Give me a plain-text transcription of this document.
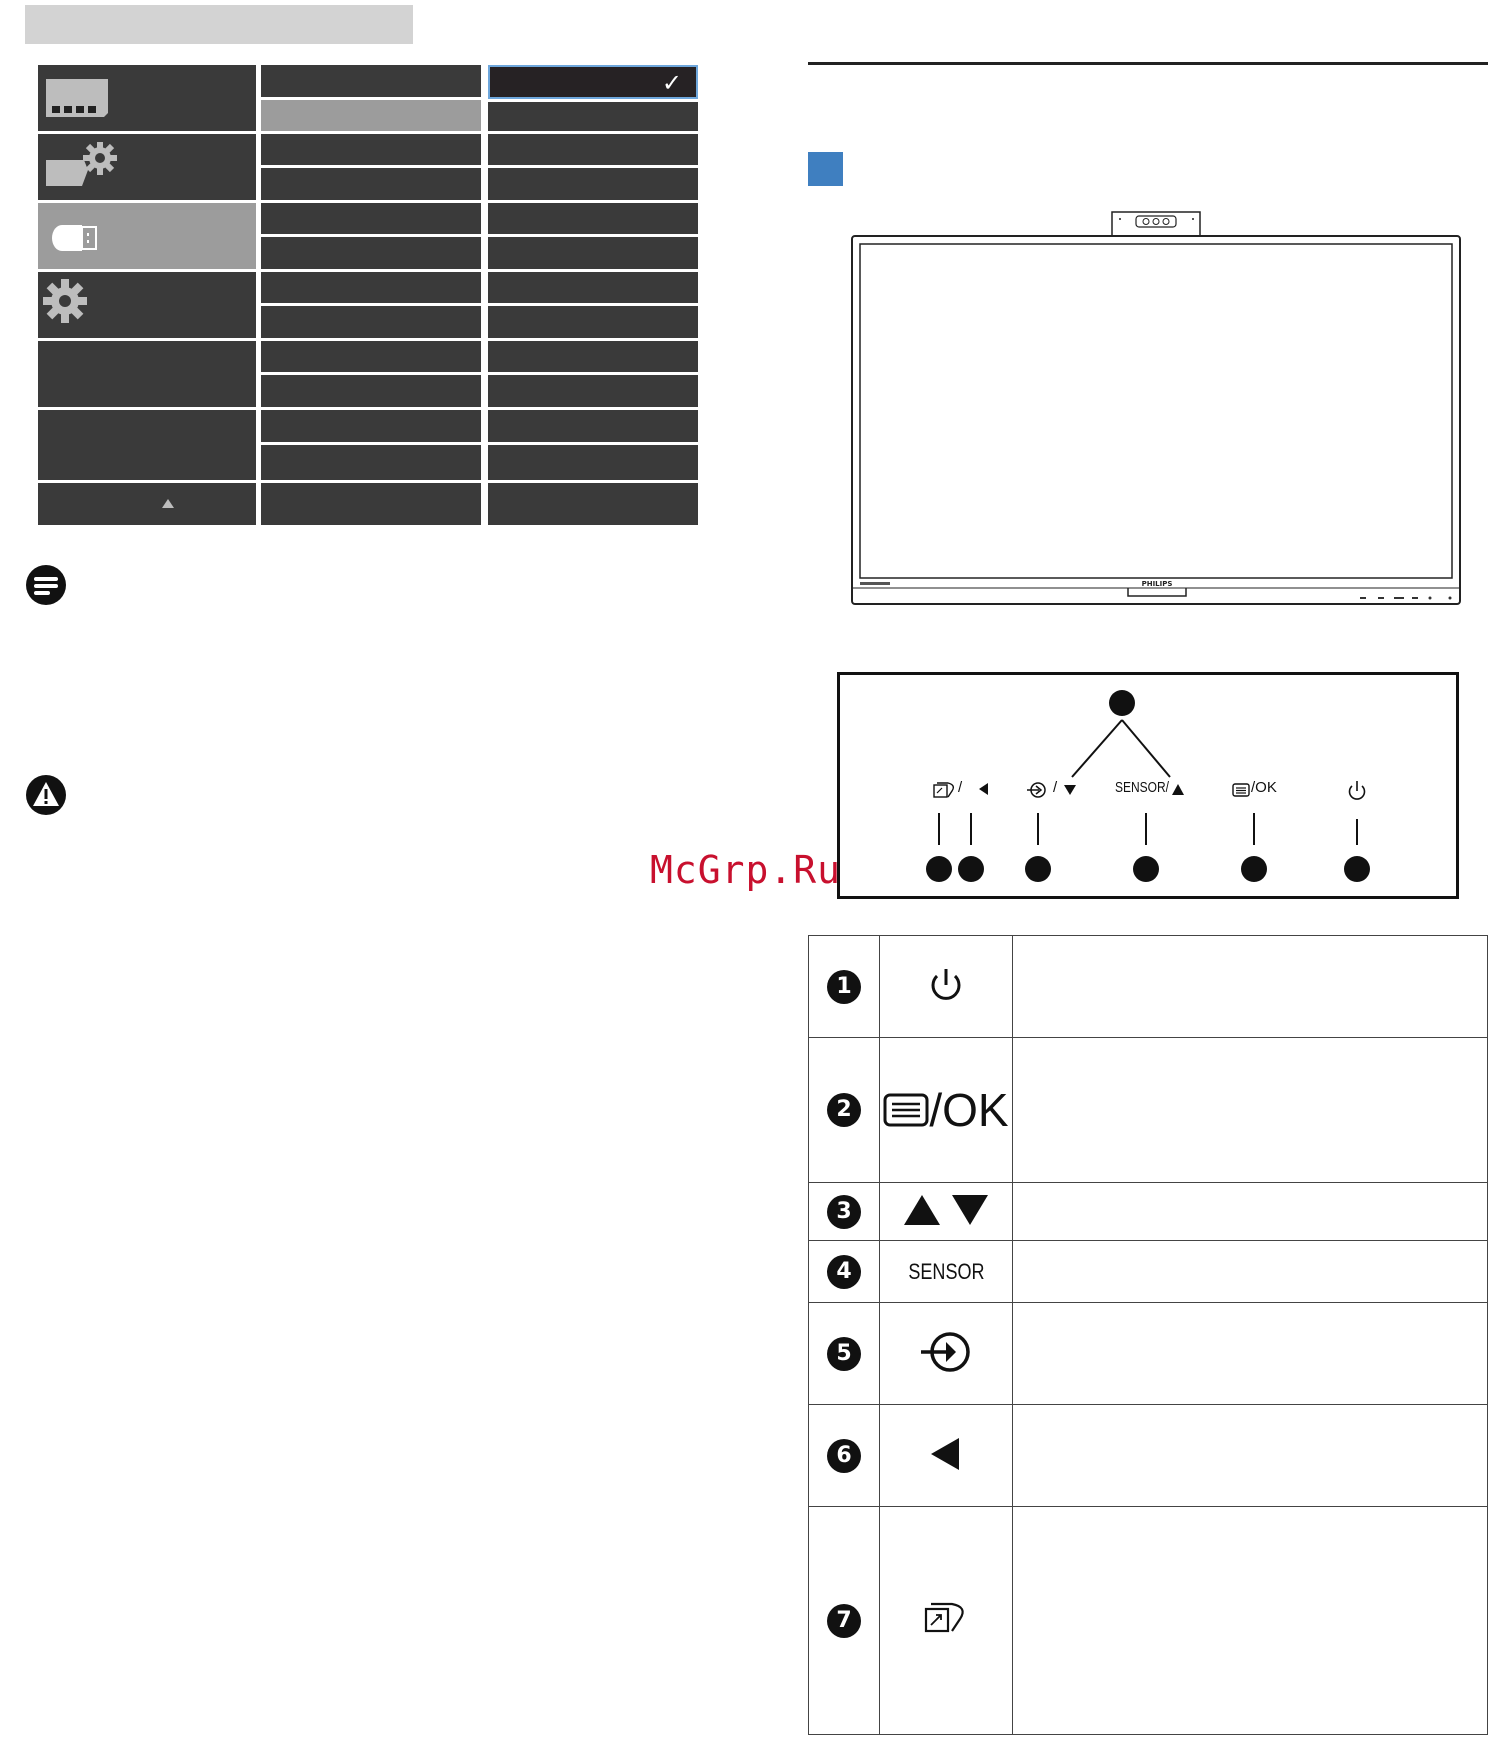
✓
McGrp.Ru
PHILIPS
/	/	SENSOR/	/OK
1		
2	/OK	
3		
4	SENSOR	
5		
6		
7		
